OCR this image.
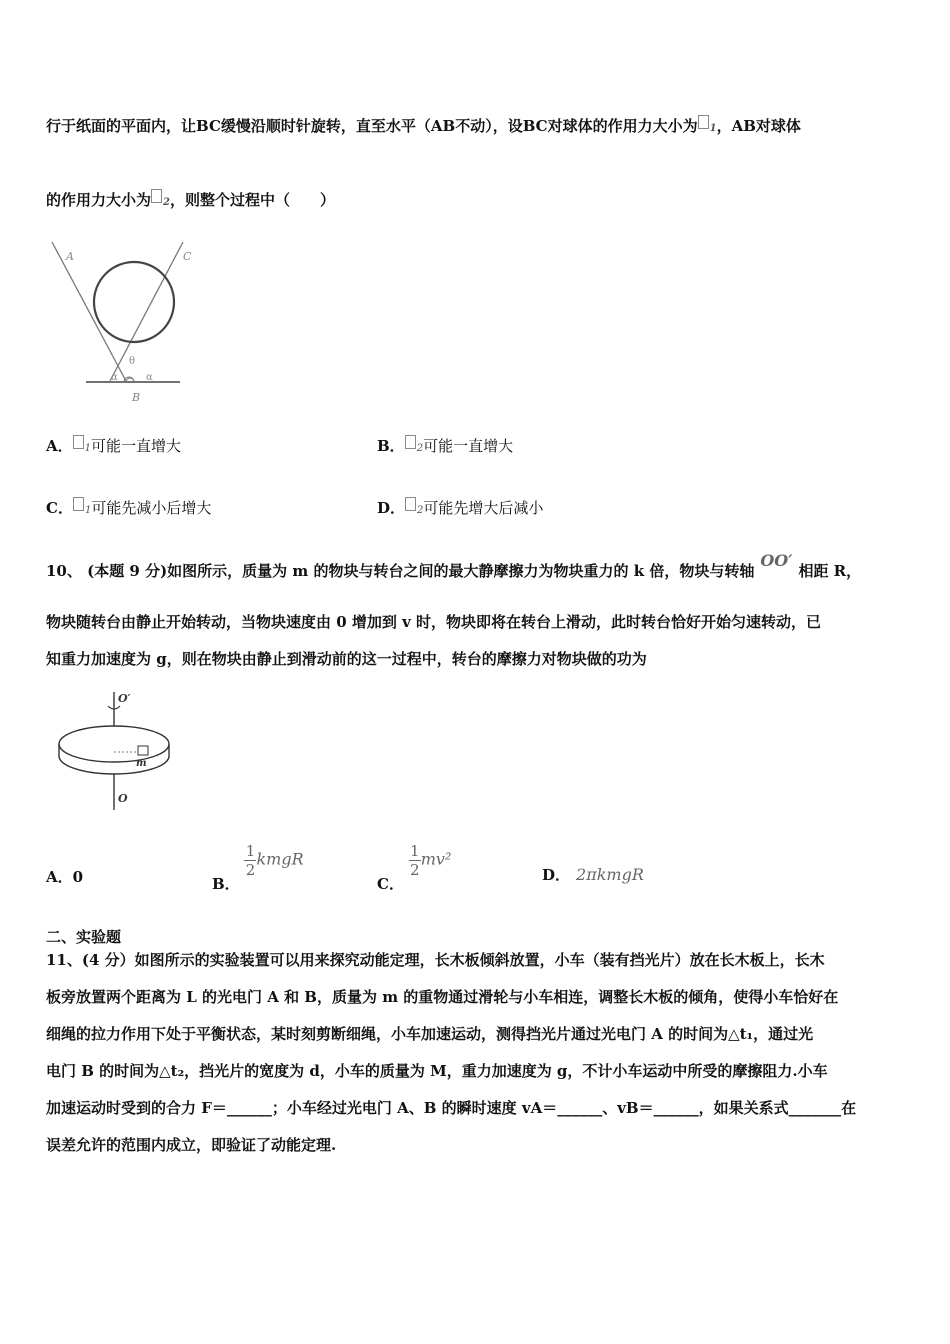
行于纸面的平面内，让BC缓慢沿顺时针旋转，直至水平（AB不动），设BC对球体的作用力大小为 1，AB对球体
的作用力大小为 2，则整个过程中（　　）
A	C
θ
α	α
B
A． 1可能一直增大	B． 2可能一直增大
C． 1可能先减小后增大	D． 2可能先增大后减小
10、 (本题 9 分)如图所示，质量为 m 的物块与转台之间的最大静摩擦力为物块重力的 k 倍，物块与转轴OO′相距 R，
物块随转台由静止开始转动，当物块速度由 0 增加到 v 时，物块即将在转台上滑动，此时转台恰好开始匀速转动，已
知重力加速度为 g，则在物块由静止到滑动前的这一过程中，转台的摩擦力对物块做的功为
O′
m
O
A．0	B．
$\frac{1}{2}$ kmgR
C．
$\frac{1}{2} mv^2$
D． 2πkmgR
二、实验题
11、(4 分）如图所示的实验装置可以用来探究动能定理，长木板倾斜放置，小车（装有挡光片）放在长木板上，长木
板旁放置两个距离为 L 的光电门 A 和 B，质量为 m 的重物通过滑轮与小车相连，调整长木板的倾角，使得小车恰好在
细绳的拉力作用下处于平衡状态，某时刻剪断细绳，小车加速运动，测得挡光片通过光电门 A 的时间为△t₁，通过光
电门 B 的时间为△t₂，挡光片的宽度为 d，小车的质量为 M，重力加速度为 g，不计小车运动中所受的摩擦阻力.小车
加速运动时受到的合力 F＝______；小车经过光电门 A、B 的瞬时速度 vA＝______、vB＝______，如果关系式_______在
误差允许的范围内成立，即验证了动能定理.
